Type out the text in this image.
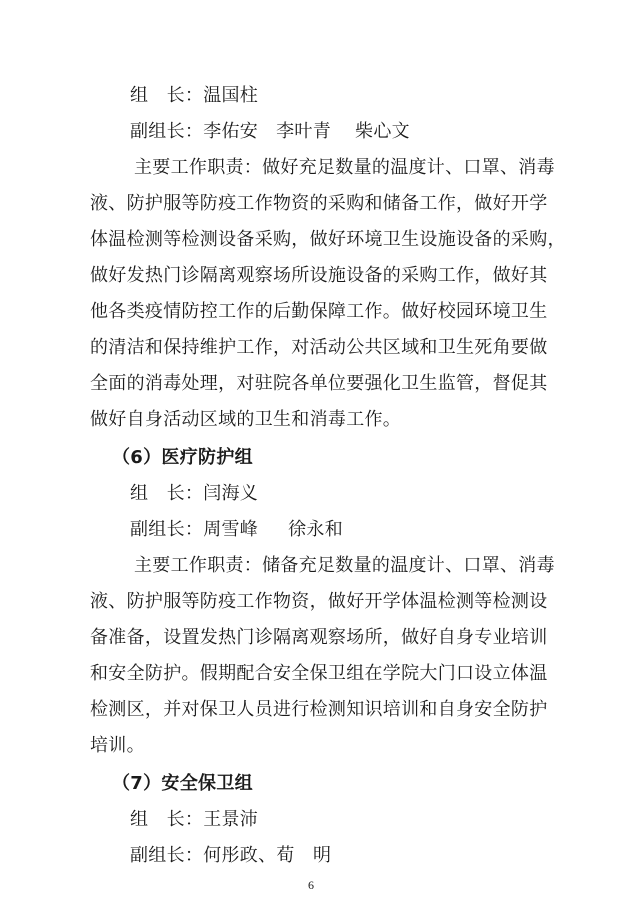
组　长：温国柱
副组长：李佑安 李叶青 柴心文
主要工作职责：做好充足数量的温度计、口罩、消毒
液、防护服等防疫工作物资的采购和储备工作，做好开学
体温检测等检测设备采购，做好环境卫生设施设备的采购，
做好发热门诊隔离观察场所设施设备的采购工作，做好其
他各类疫情防控工作的后勤保障工作。做好校园环境卫生
的清洁和保持维护工作，对活动公共区域和卫生死角要做
全面的消毒处理，对驻院各单位要强化卫生监管，督促其
做好自身活动区域的卫生和消毒工作。
（6）医疗防护组
组　长：闫海义
副组长：周雪峰 徐永和
主要工作职责：储备充足数量的温度计、口罩、消毒
液、防护服等防疫工作物资，做好开学体温检测等检测设
备准备，设置发热门诊隔离观察场所，做好自身专业培训
和安全防护。假期配合安全保卫组在学院大门口设立体温
检测区，并对保卫人员进行检测知识培训和自身安全防护
培训。
（7）安全保卫组
组　长：王景沛
副组长：何彤政、荀　明
6
